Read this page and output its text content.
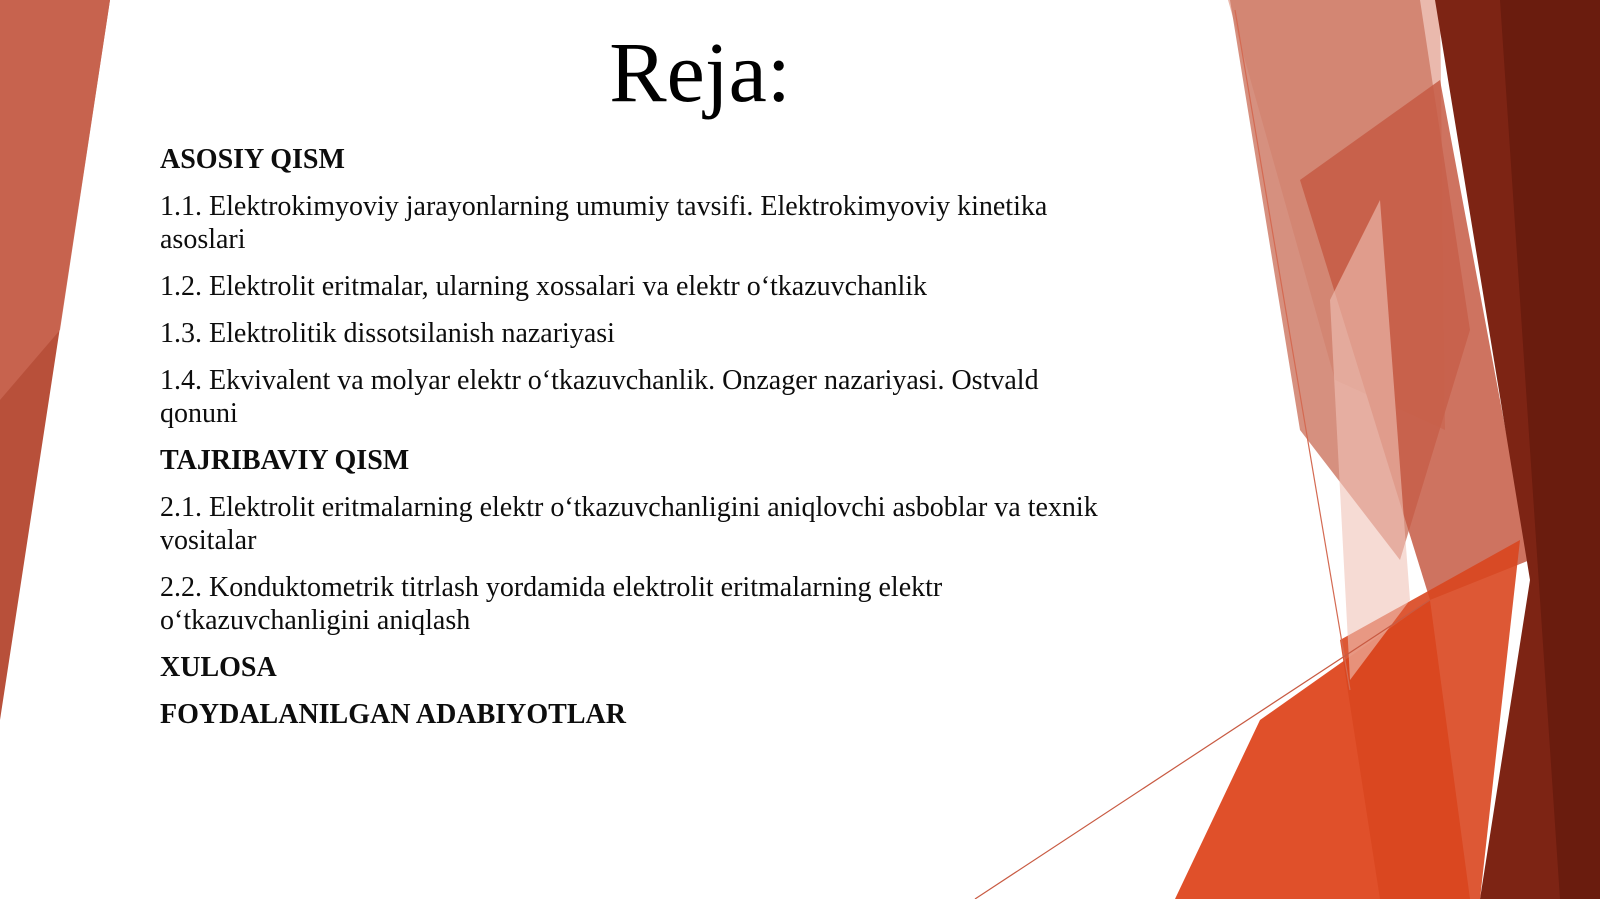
Reja:
ASOSIY QISM
1.1. Elektrokimyoviy jarayonlarning umumiy tavsifi. Elektrokimyoviy kinetika asoslari
1.2. Elektrolit eritmalar, ularning xossalari va elektr o‘tkazuvchanlik
1.3. Elektrolitik dissotsilanish nazariyasi
1.4. Ekvivalent va molyar elektr o‘tkazuvchanlik. Onzager nazariyasi. Ostvald qonuni
TAJRIBAVIY QISM
2.1. Elektrolit eritmalarning elektr o‘tkazuvchanligini aniqlovchi asboblar va texnik vositalar
2.2. Konduktometrik titrlash yordamida elektrolit eritmalarning elektr o‘tkazuvchanligini aniqlash
XULOSA
FOYDALANILGAN ADABIYOTLAR
